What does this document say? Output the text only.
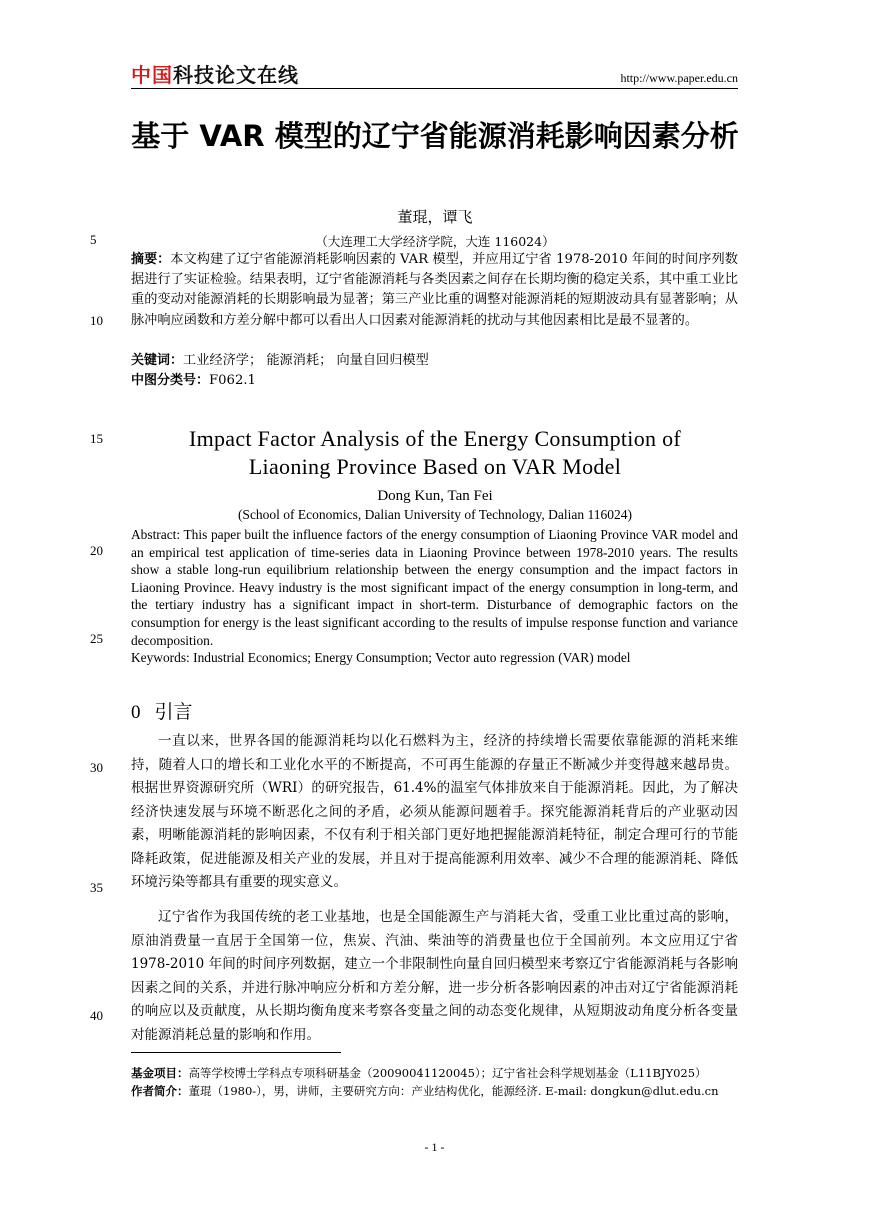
中国科技论文在线	http://www.paper.edu.cn
基于 VAR 模型的辽宁省能源消耗影响因素分析
董琨，谭飞
（大连理工大学经济学院，大连 116024）
摘要：本文构建了辽宁省能源消耗影响因素的 VAR 模型，并应用辽宁省 1978-2010 年间的时间序列数据进行了实证检验。结果表明，辽宁省能源消耗与各类因素之间存在长期均衡的稳定关系，其中重工业比重的变动对能源消耗的长期影响最为显著；第三产业比重的调整对能源消耗的短期波动具有显著影响；从脉冲响应函数和方差分解中都可以看出人口因素对能源消耗的扰动与其他因素相比是最不显著的。
关键词：工业经济学； 能源消耗； 向量自回归模型
中图分类号：F062.1
Impact Factor Analysis of the Energy Consumption of
Liaoning Province Based on VAR Model
Dong Kun, Tan Fei
(School of Economics, Dalian University of Technology, Dalian 116024)
Abstract: This paper built the influence factors of the energy consumption of Liaoning Province VAR model and an empirical test application of time-series data in Liaoning Province between 1978-2010 years. The results show a stable long-run equilibrium relationship between the energy consumption and the impact factors in Liaoning Province. Heavy industry is the most significant impact of the energy consumption in long-term, and the tertiary industry has a significant impact in short-term. Disturbance of demographic factors on the consumption for energy is the least significant according to the results of impulse response function and variance decomposition.
Keywords: Industrial Economics; Energy Consumption; Vector auto regression (VAR) model
0 引言
一直以来，世界各国的能源消耗均以化石燃料为主，经济的持续增长需要依靠能源的消耗来维持，随着人口的增长和工业化水平的不断提高，不可再生能源的存量正不断减少并变得越来越昂贵。根据世界资源研究所（WRI）的研究报告，61.4%的温室气体排放来自于能源消耗。因此，为了解决经济快速发展与环境不断恶化之间的矛盾，必须从能源问题着手。探究能源消耗背后的产业驱动因素，明晰能源消耗的影响因素，不仅有利于相关部门更好地把握能源消耗特征，制定合理可行的节能降耗政策，促进能源及相关产业的发展，并且对于提高能源利用效率、减少不合理的能源消耗、降低环境污染等都具有重要的现实意义。
辽宁省作为我国传统的老工业基地，也是全国能源生产与消耗大省，受重工业比重过高的影响，原油消费量一直居于全国第一位，焦炭、汽油、柴油等的消费量也位于全国前列。本文应用辽宁省 1978-2010 年间的时间序列数据，建立一个非限制性向量自回归模型来考察辽宁省能源消耗与各影响因素之间的关系，并进行脉冲响应分析和方差分解，进一步分析各影响因素的冲击对辽宁省能源消耗的响应以及贡献度，从长期均衡角度来考察各变量之间的动态变化规律，从短期波动角度分析各变量对能源消耗总量的影响和作用。
基金项目：高等学校博士学科点专项科研基金（20090041120045）；辽宁省社会科学规划基金（L11BJY025）
作者简介：董琨（1980-），男，讲师，主要研究方向：产业结构优化，能源经济. E-mail: dongkun@dlut.edu.cn
5
10
15
20
25
30
35
40
- 1 -
